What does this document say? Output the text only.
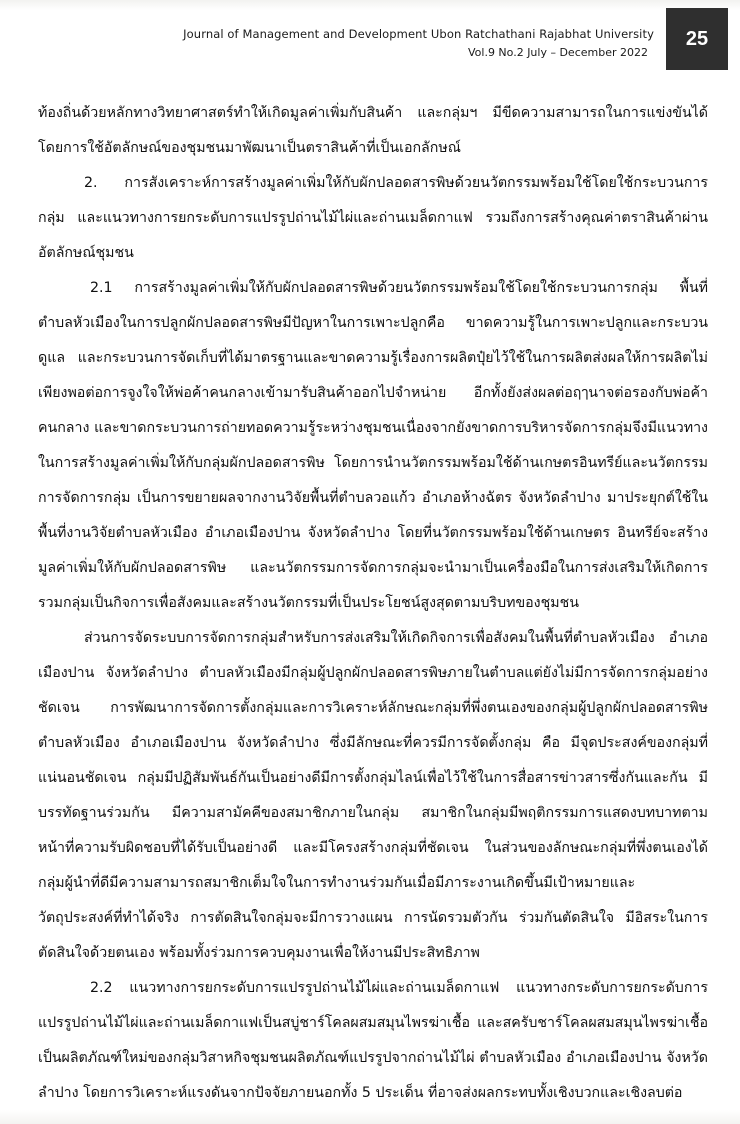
Journal of Management and Development Ubon Ratchathani Rajabhat University
Vol.9 No.2 July – December 2022
25

ท้องถิ่นด้วยหลักทางวิทยาศาสตร์ทำให้เกิดมูลค่าเพิ่มกับสินค้า และกลุ่มฯ มีขีดความสามารถในการแข่งขันได้โดยการใช้อัตลักษณ์ของชุมชนมาพัฒนาเป็นตราสินค้าที่เป็นเอกลักษณ์

2. การสังเคราะห์การสร้างมูลค่าเพิ่มให้กับผักปลอดสารพิษด้วยนวัตกรรมพร้อมใช้โดยใช้กระบวนการกลุ่ม และแนวทางการยกระดับการแปรรูปถ่านไม้ไผ่และถ่านเมล็ดกาแฟ รวมถึงการสร้างคุณค่าตราสินค้าผ่านอัตลักษณ์ชุมชน

2.1 การสร้างมูลค่าเพิ่มให้กับผักปลอดสารพิษด้วยนวัตกรรมพร้อมใช้โดยใช้กระบวนการกลุ่ม พื้นที่ตำบลหัวเมืองในการปลูกผักปลอดสารพิษมีปัญหาในการเพาะปลูกคือ ขาดความรู้ในการเพาะปลูกและกระบวนดูแล และกระบวนการจัดเก็บที่ได้มาตรฐานและขาดความรู้เรื่องการผลิตปุ๋ยไว้ใช้ในการผลิตส่งผลให้การผลิตไม่เพียงพอต่อการจูงใจให้พ่อค้าคนกลางเข้ามารับสินค้าออกไปจำหน่าย อีกทั้งยังส่งผลต่อฤๅนาจต่อรองกับพ่อค้าคนกลาง และขาดกระบวนการถ่ายทอดความรู้ระหว่างชุมชนเนื่องจากยังขาดการบริหารจัดการกลุ่มจึงมีแนวทางในการสร้างมูลค่าเพิ่มให้กับกลุ่มผักปลอดสารพิษ โดยการนำนวัตกรรมพร้อมใช้ด้านเกษตรอินทรีย์และนวัตกรรมการจัดการกลุ่ม เป็นการขยายผลจากงานวิจัยพื้นที่ตำบลวอแก้ว อำเภอห้างฉัตร จังหวัดลำปาง มาประยุกต์ใช้ในพื้นที่งานวิจัยตำบลหัวเมือง อำเภอเมืองปาน จังหวัดลำปาง โดยที่นวัตกรรมพร้อมใช้ด้านเกษตร อินทรีย์จะสร้างมูลค่าเพิ่มให้กับผักปลอดสารพิษ และนวัตกรรมการจัดการกลุ่มจะนำมาเป็นเครื่องมือในการส่งเสริมให้เกิดการรวมกลุ่มเป็นกิจการเพื่อสังคมและสร้างนวัตกรรมที่เป็นประโยชน์สูงสุดตามบริบทของชุมชน

ส่วนการจัดระบบการจัดการกลุ่มสำหรับการส่งเสริมให้เกิดกิจการเพื่อสังคมในพื้นที่ตำบลหัวเมือง อำเภอเมืองปาน จังหวัดลำปาง ตำบลหัวเมืองมีกลุ่มผู้ปลูกผักปลอดสารพิษภายในตำบลแต่ยังไม่มีการจัดการกลุ่มอย่างชัดเจน การพัฒนาการจัดการตั้งกลุ่มและการวิเคราะห์ลักษณะกลุ่มที่พึ่งตนเองของกลุ่มผู้ปลูกผักปลอดสารพิษตำบลหัวเมือง อำเภอเมืองปาน จังหวัดลำปาง ซึ่งมีลักษณะที่ควรมีการจัดตั้งกลุ่ม คือ มีจุดประสงค์ของกลุ่มที่แน่นอนชัดเจน กลุ่มมีปฏิสัมพันธ์กันเป็นอย่างดีมีการตั้งกลุ่มไลน์เพื่อไว้ใช้ในการสื่อสารข่าวสารซึ่งกันและกัน มีบรรทัดฐานร่วมกัน มีความสามัคคีของสมาชิกภายในกลุ่ม สมาชิกในกลุ่มมีพฤติกรรมการแสดงบทบาทตามหน้าที่ความรับผิดชอบที่ได้รับเป็นอย่างดี และมีโครงสร้างกลุ่มที่ชัดเจน ในส่วนของลักษณะกลุ่มที่พึ่งตนเองได้กลุ่มผู้นำที่ดีมีความสามารถสมาชิกเต็มใจในการทำงานร่วมกันเมื่อมีภาระงานเกิดขึ้นมีเป้าหมายและวัตถุประสงค์ที่ทำได้จริง การตัดสินใจกลุ่มจะมีการวางแผน การนัดรวมตัวกัน ร่วมกันตัดสินใจ มีอิสระในการตัดสินใจด้วยตนเอง พร้อมทั้งร่วมการควบคุมงานเพื่อให้งานมีประสิทธิภาพ

2.2 แนวทางการยกระดับการแปรรูปถ่านไม้ไผ่และถ่านเมล็ดกาแฟ แนวทางกระดับการยกระดับการแปรรูปถ่านไม้ไผ่และถ่านเมล็ดกาแฟเป็นสบู่ชาร์โคลผสมสมุนไพรฆ่าเชื้อ และสครับชาร์โคลผสมสมุนไพรฆ่าเชื้อ เป็นผลิตภัณฑ์ใหม่ของกลุ่มวิสาหกิจชุมชนผลิตภัณฑ์แปรรูปจากถ่านไม้ไผ่ ตำบลหัวเมือง อำเภอเมืองปาน จังหวัดลำปาง โดยการวิเคราะห์แรงดันจากปัจจัยภายนอกทั้ง 5 ประเด็น ที่อาจส่งผลกระทบทั้งเชิงบวกและเชิงลบต่อ
